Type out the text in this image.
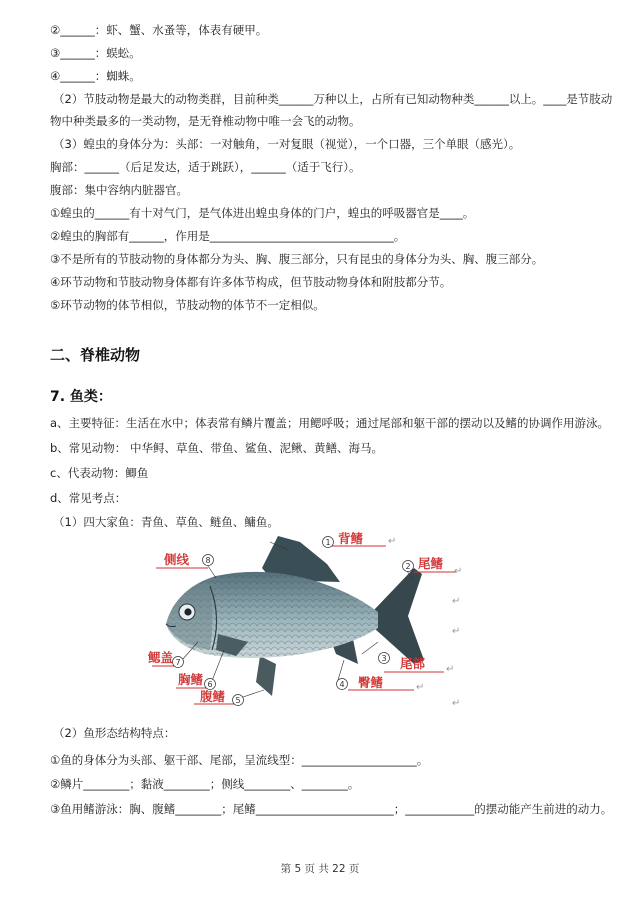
②______：虾、蟹、水蚤等，体表有硬甲。
③______：蜈蚣。
④______：蜘蛛。
（2）节肢动物是最大的动物类群，目前种类______万种以上，占所有已知动物种类______以上。____是节肢动
物中种类最多的一类动物，是无脊椎动物中唯一会飞的动物。
（3）蝗虫的身体分为：头部：一对触角，一对复眼（视觉），一个口器，三个单眼（感光）。
胸部：______（后足发达，适于跳跃），______（适于飞行）。
腹部：集中容纳内脏器官。
①蝗虫的______有十对气门，是气体进出蝗虫身体的门户，蝗虫的呼吸器官是____。
②蝗虫的胸部有______，作用是________________________________。
③不是所有的节肢动物的身体都分为头、胸、腹三部分，只有昆虫的身体分为头、胸、腹三部分。
④环节动物和节肢动物身体都有许多体节构成，但节肢动物身体和附肢都分节。
⑤环节动物的体节相似，节肢动物的体节不一定相似。
二、脊椎动物
7. 鱼类：
a、主要特征：生活在水中；体表常有鳞片覆盖；用鳃呼吸；通过尾部和躯干部的摆动以及鳍的协调作用游泳。
b、常见动物： 中华鲟、草鱼、带鱼、鲨鱼、泥鳅、黄鳝、海马。
c、代表动物：鲫鱼
d、常见考点：
（1）四大家鱼：青鱼、草鱼、鲢鱼、鳙鱼。
8
1
2
3
4
5
6
7
侧线
背鳍
尾鳍
鳃盖
胸鳍
尾部
腹鳍
臀鳍
↵
↵
↵
↵
↵
↵
↵
（2）鱼形态结构特点：
①鱼的身体分为头部、躯干部、尾部，呈流线型：____________________。
②鳞片________；黏液________；侧线________、________。
③鱼用鳍游泳：胸、腹鳍________；尾鳍________________________；____________的摆动能产生前进的动力。
第 5 页 共 22 页
